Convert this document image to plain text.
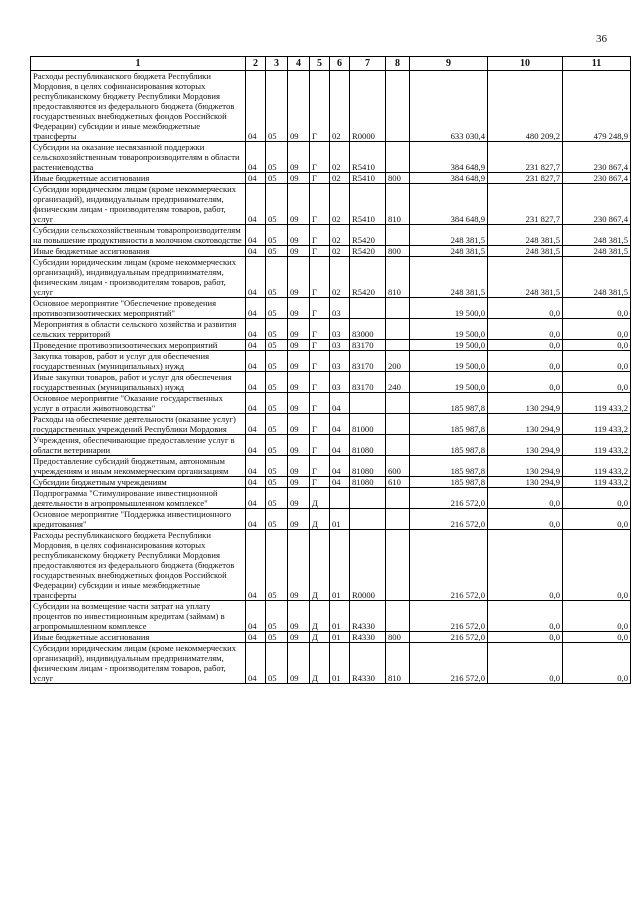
36
1	2	3	4	5	6	7	8	9	10	11
Расходы республиканского бюджета Республики Мордовия, в целях софинансирования которых республиканскому бюджету Республики Мордовия предоставляются из федерального бюджета (бюджетов государственных внебюджетных фондов Российской Федерации) субсидии и иные межбюджетные трансферты	04	05	09	Г	02	R0000		633 030,4	480 209,2	479 248,9
Субсидии на оказание несвязанной поддержки сельскохозяйственным товаропроизводителям в области растениеводства	04	05	09	Г	02	R5410		384 648,9	231 827,7	230 867,4
Иные бюджетные ассигнования	04	05	09	Г	02	R5410	800	384 648,9	231 827,7	230 867,4
Субсидии юридическим лицам (кроме некоммерческих организаций), индивидуальным предпринимателям, физическим лицам - производителям товаров, работ, услуг	04	05	09	Г	02	R5410	810	384 648,9	231 827,7	230 867,4
Субсидии сельскохозяйственным товаропроизводителям на повышение продуктивности в молочном скотоводстве	04	05	09	Г	02	R5420		248 381,5	248 381,5	248 381,5
Иные бюджетные ассигнования	04	05	09	Г	02	R5420	800	248 381,5	248 381,5	248 381,5
Субсидии юридическим лицам (кроме некоммерческих организаций), индивидуальным предпринимателям, физическим лицам - производителям товаров, работ, услуг	04	05	09	Г	02	R5420	810	248 381,5	248 381,5	248 381,5
Основное мероприятие "Обеспечение проведения противоэпизоотических мероприятий"	04	05	09	Г	03			19 500,0	0,0	0,0
Мероприятия в области сельского хозяйства и развития сельских территорий	04	05	09	Г	03	83000		19 500,0	0,0	0,0
Проведение противоэпизоотических мероприятий	04	05	09	Г	03	83170		19 500,0	0,0	0,0
Закупка товаров, работ и услуг для обеспечения государственных (муниципальных) нужд	04	05	09	Г	03	83170	200	19 500,0	0,0	0,0
Иные закупки товаров, работ и услуг для обеспечения государственных (муниципальных) нужд	04	05	09	Г	03	83170	240	19 500,0	0,0	0,0
Основное мероприятие "Оказание государственных услуг в отрасли животноводства"	04	05	09	Г	04			185 987,8	130 294,9	119 433,2
Расходы на обеспечение деятельности (оказание услуг) государственных учреждений Республики Мордовия	04	05	09	Г	04	81000		185 987,8	130 294,9	119 433,2
Учреждения, обеспечивающие предоставление услуг в области ветеринарии	04	05	09	Г	04	81080		185 987,8	130 294,9	119 433,2
Предоставление субсидий бюджетным, автономным учреждениям и иным некоммерческим организациям	04	05	09	Г	04	81080	600	185 987,8	130 294,9	119 433,2
Субсидии бюджетным учреждениям	04	05	09	Г	04	81080	610	185 987,8	130 294,9	119 433,2
Подпрограмма "Стимулирование инвестиционной деятельности в агропромышленном комплексе"	04	05	09	Д				216 572,0	0,0	0,0
Основное мероприятие "Поддержка инвестиционного кредитования"	04	05	09	Д	01			216 572,0	0,0	0,0
Расходы республиканского бюджета Республики Мордовия, в целях софинансирования которых республиканскому бюджету Республики Мордовия предоставляются из федерального бюджета (бюджетов государственных внебюджетных фондов Российской Федерации) субсидии и иные межбюджетные трансферты	04	05	09	Д	01	R0000		216 572,0	0,0	0,0
Субсидии на возмещение части затрат на уплату процентов по инвестиционным кредитам (займам) в агропромышленном комплексе	04	05	09	Д	01	R4330		216 572,0	0,0	0,0
Иные бюджетные ассигнования	04	05	09	Д	01	R4330	800	216 572,0	0,0	0,0
Субсидии юридическим лицам (кроме некоммерческих организаций), индивидуальным предпринимателям, физическим лицам - производителям товаров, работ, услуг	04	05	09	Д	01	R4330	810	216 572,0	0,0	0,0
